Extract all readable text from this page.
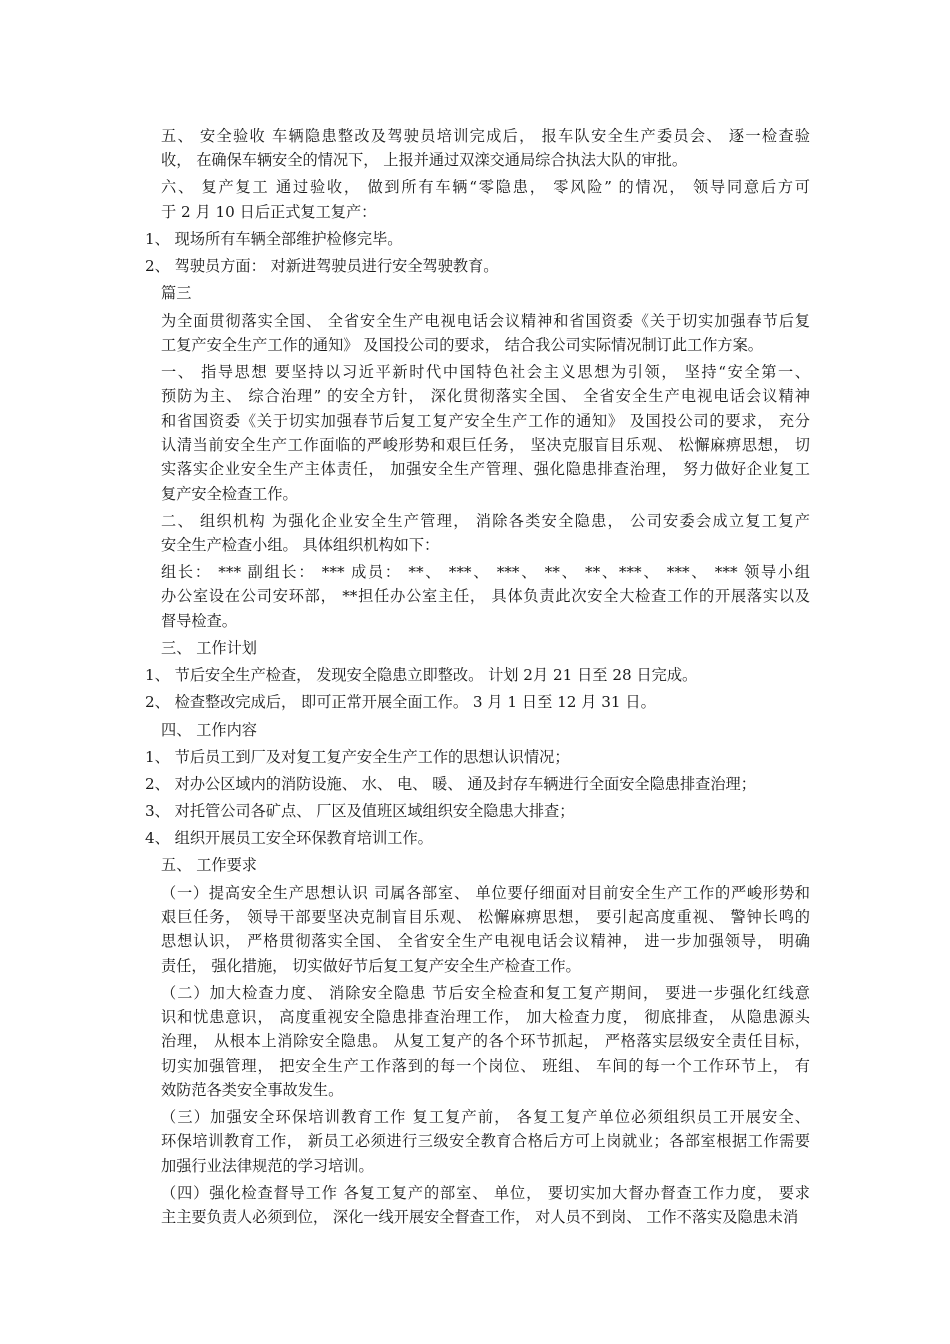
五、 安全验收 车辆隐患整改及驾驶员培训完成后， 报车队安全生产委员会、 逐一检查验
收， 在确保车辆安全的情况下， 上报并通过双滦交通局综合执法大队的审批。
六、 复产复工 通过验收， 做到所有车辆“零隐患， 零风险” 的情况， 领导同意后方可
于 2 月 10 日后正式复工复产：
1、 现场所有车辆全部维护检修完毕。
2、 驾驶员方面： 对新进驾驶员进行安全驾驶教育。
篇三
为全面贯彻落实全国、 全省安全生产电视电话会议精神和省国资委《关于切实加强春节后复
工复产安全生产工作的通知》 及国投公司的要求， 结合我公司实际情况制订此工作方案。
一、 指导思想 要坚持以习近平新时代中国特色社会主义思想为引领， 坚持“安全第一、
预防为主、 综合治理” 的安全方针， 深化贯彻落实全国、 全省安全生产电视电话会议精神
和省国资委《关于切实加强春节后复工复产安全生产工作的通知》 及国投公司的要求， 充分
认清当前安全生产工作面临的严峻形势和艰巨任务， 坚决克服盲目乐观、 松懈麻痹思想， 切
实落实企业安全生产主体责任， 加强安全生产管理、强化隐患排查治理， 努力做好企业复工
复产安全检查工作。
二、 组织机构 为强化企业安全生产管理， 消除各类安全隐患， 公司安委会成立复工复产
安全生产检查小组。 具体组织机构如下：
组长： *** 副组长： *** 成员： **、 ***、 ***、 **、 **、***、 ***、 *** 领导小组
办公室设在公司安环部， **担任办公室主任， 具体负责此次安全大检查工作的开展落实以及
督导检查。
三、 工作计划
1、 节后安全生产检查， 发现安全隐患立即整改。 计划 2月 21 日至 28 日完成。
2、 检查整改完成后， 即可正常开展全面工作。 3 月 1 日至 12 月 31 日。
四、 工作内容
1、 节后员工到厂及对复工复产安全生产工作的思想认识情况；
2、 对办公区域内的消防设施、 水、 电、 暖、 通及封存车辆进行全面安全隐患排查治理；
3、 对托管公司各矿点、 厂区及值班区域组织安全隐患大排查；
4、 组织开展员工安全环保教育培训工作。
五、 工作要求
（一）提高安全生产思想认识 司属各部室、 单位要仔细面对目前安全生产工作的严峻形势和
艰巨任务， 领导干部要坚决克制盲目乐观、 松懈麻痹思想， 要引起高度重视、 警钟长鸣的
思想认识， 严格贯彻落实全国、 全省安全生产电视电话会议精神， 进一步加强领导， 明确
责任， 强化措施， 切实做好节后复工复产安全生产检查工作。
（二）加大检查力度、 消除安全隐患 节后安全检查和复工复产期间， 要进一步强化红线意
识和忧患意识， 高度重视安全隐患排查治理工作， 加大检查力度， 彻底排查， 从隐患源头
治理， 从根本上消除安全隐患。 从复工复产的各个环节抓起， 严格落实层级安全责任目标，
切实加强管理， 把安全生产工作落到的每一个岗位、 班组、 车间的每一个工作环节上， 有
效防范各类安全事故发生。
（三）加强安全环保培训教育工作 复工复产前， 各复工复产单位必须组织员工开展安全、
环保培训教育工作， 新员工必须进行三级安全教育合格后方可上岗就业；各部室根据工作需要
加强行业法律规范的学习培训。
（四）强化检查督导工作 各复工复产的部室、 单位， 要切实加大督办督查工作力度， 要求
主主要负责人必须到位， 深化一线开展安全督查工作， 对人员不到岗、 工作不落实及隐患未消
